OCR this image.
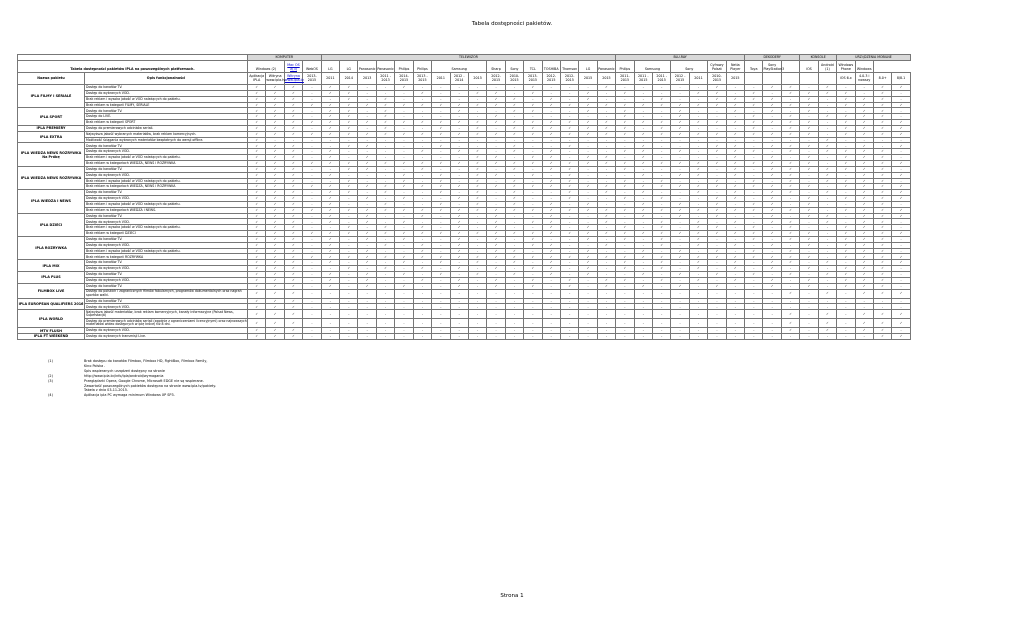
Tabela dostępności pakietów.
		KOMPUTER				TELEWIZOR																BLU-RAY							DEKODERY			KONSOLE		URZĄDZENIA MOBILNE			
Tabela dostępności pakietów IPLA na poszczególnych platformach.		Windows (2)		Mac OS X(3)	WebOS	LG	LG	Panasonic	Panasonic	Philips	Philips	Samsung			Sharp	Sony	TCL	TOSHIBA	Thomson	LG	Panasonic	Philips	Samsung		Sony		Cyfrowy Polsat	Netia Player	Toya	Sony PlayStation3		iOS	Android (1)	Windows Phone	Windows		
Nazwa pakietu	Opis funkcjonalności	Aplikacja IPLA	Witryna www.ipla.tv	Witryna www.ipla.tv	2013-2015	2011	2014	2013	2011 - 2013	2014- 2015	2013 - 2015	2011	2012 - 2014	2015	2012-2015	2010-2015	2013-2015	2012-2015	2012-2015	2015	2015	2011- 2015	2011 - 2015	2011 - 2015	2012 - 2015	2011	2010-2015	2015						iOS 6.x	4.0.3 i nowszy	8.0+	8/8.1
IPLA FILMY I SERIALE	Dostęp do kanałów TV.	✓	✓	✓	-	✓	✓	-	-	✓	-	-	-	-	-	-	✓	-	-	-	✓	-	-	-	-	-	✓	-	-	✓	✓	-	✓	-	-	✓	✓
	Dostęp do wybranych VOD.	✓	✓	✓	-	✓	✓	-	-	-	✓	-	-	✓	✓	-	✓	-	-	✓	-	✓	-	-	-	✓	✓	-	✓	-	✓	✓	✓	✓	-	✓	-
	Brak reklam i wysoka jakość w VOD należących do pakietu.	✓	✓	✓	-	-	✓	-	✓	-	-	-	-	-	✓	✓	-	✓	-	✓	-	-	-	✓	-	-	✓	✓	✓	✓	-	✓	-	✓	✓	✓	-
	Brak reklam w kategorii FILMY, SERIALE	✓	✓	✓	✓	✓	✓	✓	✓	✓	✓	✓	✓	✓	✓	✓	✓	✓	✓	✓	✓	✓	✓	✓	✓	✓	✓	✓	✓	✓	✓	✓	-	✓	✓	✓	✓
IPLA SPORT	Dostęp do kanałów TV.	✓	✓	✓	-	✓	✓	-	✓	-	-	-	✓	-	-	✓	✓	-	-	✓	-	✓	-	-	✓	-	-	✓	-	✓	-	✓	-	-	✓	✓	-
	Dostęp do LIVE.	✓	✓	✓	-	✓	✓	-	✓	-	-	-	-	-	✓	-	-	-	-	-	-	✓	-	-	✓	-	-	-	✓	-	✓	-	✓	✓	✓	✓	-
	Brak reklam w kategorii SPORT	✓	✓	✓	✓	✓	✓	✓	✓	✓	✓	✓	✓	✓	✓	✓	✓	✓	✓	✓	✓	✓	✓	✓	✓	✓	✓	✓	✓	✓	✓	✓	-	✓	✓	✓	✓
IPLA PREMIERY	Dostęp do premierowych odcinków seriali.	✓	✓	✓	-	✓	✓	-	✓	-	-	✓	-	✓	-	✓	✓	✓	✓	✓	✓	✓	-	✓	✓	-	-	-	✓	-	✓	✓	-	✓	✓	✓	✓
IPLA EXTRA	Najwyższa jakość wybranych materiałów, brak reklam komercyjnych.	✓	✓	✓	✓	✓	✓	✓	✓	✓	✓	✓	✓	✓	✓	✓	✓	✓	✓	✓	✓	✓	✓	✓	✓	✓	✓	✓	✓	✓	✓	✓	-	✓	✓	✓	✓
	Możliwość ściągania wybranych materiałów bezpłatnych do wersji offline.	✓	-	-	-	-	-	-	-	-	-	-	-	-	-	-	-	-	-	-	-	-	-	-	-	-	-	-	-	-	-	-	✓	-	-	-	-
IPLA WIEDZA NEWS ROZRYWKA Na Próbę	Dostęp do kanałów TV.	✓	✓	✓	-	-	✓	✓	-	-	-	✓	-	-	-	✓	-	-	✓	-	-	-	✓	-	-	-	✓	✓	-	✓	✓	✓	✓	-	✓	-	✓
	Dostęp do wybranych VOD.	✓	✓	✓	-	✓	-	-	-	-	✓	-	✓	✓	-	✓	-	✓	-	-	-	✓	✓	-	✓	-	✓	✓	✓	-	✓	-	✓	✓	✓	✓	-
	Brak reklam i wysoka jakość w VOD należących do pakietu.	✓	✓	✓	-	✓	-	✓	-	-	-	-	-	✓	✓	-	✓	✓	-	✓	✓	-	✓	-	-	-	-	✓	-	✓	-	✓	-	✓	✓	✓	-
	Brak reklam w kategoriach WIEDZA, NEWS i ROZRYWKA	✓	✓	✓	✓	✓	✓	✓	✓	✓	✓	✓	✓	✓	✓	✓	✓	✓	✓	✓	✓	✓	✓	✓	✓	✓	✓	✓	✓	✓	✓	✓	-	✓	✓	✓	✓
IPLA WIEDZA NEWS ROZRYWKA	Dostęp do kanałów TV.	✓	✓	✓	-	-	✓	✓	-	-	✓	-	-	✓	-	✓	-	✓	✓	-	-	✓	-	-	-	✓	-	✓	-	✓	✓	✓	✓	✓	✓	✓	-
	Dostęp do wybranych VOD.	✓	✓	✓	-	✓	-	-	-	✓	-	✓	-	✓	✓	-	✓	-	✓	-	-	-	✓	-	✓	✓	-	✓	-	✓	✓	-	✓	-	✓	✓	✓
	Brak reklam i wysoka jakość w VOD należących do pakietu.	✓	✓	✓	-	-	✓	-	-	✓	-	✓	-	✓	-	✓	-	✓	✓	-	-	✓	-	✓	-	-	✓	-	✓	-	✓	-	✓	✓	✓	✓	-
	Brak reklam w kategoriach WIEDZA, NEWS i ROZRYWKA	✓	✓	✓	✓	✓	✓	✓	✓	✓	✓	✓	✓	✓	✓	✓	✓	✓	✓	✓	✓	✓	✓	✓	✓	✓	✓	✓	✓	✓	✓	✓	-	✓	✓	✓	✓
IPLA WIEDZA I NEWS	Dostęp do kanałów TV.	✓	✓	✓	-	✓	✓	-	✓	-	-	✓	-	✓	-	✓	-	-	✓	-	✓	-	✓	-	-	✓	-	✓	-	✓	✓	-	✓	-	✓	✓	✓
	Dostęp do wybranych VOD.	✓	✓	✓	-	✓	-	✓	-	✓	-	-	✓	✓	-	✓	-	-	✓	-	-	✓	-	✓	-	-	✓	✓	-	✓	-	✓	-	✓	✓	✓	✓
	Brak reklam i wysoka jakość w VOD należących do pakietu.	✓	✓	✓	-	✓	-	-	✓	-	-	✓	-	✓	-	✓	-	✓	-	✓	-	-	✓	-	✓	-	✓	-	✓	✓	-	✓	-	-	✓	✓	-
	Brak reklam w kategoriach WIEDZA i NEWS.	✓	✓	✓	✓	✓	✓	✓	✓	✓	✓	✓	✓	✓	✓	✓	✓	✓	✓	✓	✓	✓	✓	✓	✓	✓	✓	✓	✓	✓	✓	✓	-	✓	✓	✓	✓
IPLA DZIECI	Dostęp do kanałów TV.	✓	✓	✓	-	✓	-	✓	-	-	✓	-	✓	-	✓	-	-	✓	-	-	✓	-	✓	-	✓	-	✓	-	-	✓	-	✓	✓	-	✓	✓	✓
	Dostęp do wybranych VOD.	✓	✓	✓	-	✓	-	✓	-	✓	-	-	✓	-	✓	-	✓	✓	-	-	✓	-	-	✓	-	✓	-	✓	-	✓	✓	-	✓	-	✓	✓	-
	Brak reklam i wysoka jakość w VOD należących do pakietu.	✓	✓	✓	-	-	✓	-	✓	-	✓	-	✓	-	✓	-	-	✓	-	✓	-	✓	-	✓	-	✓	✓	-	✓	-	✓	-	-	✓	✓	✓	-
	Brak reklam w kategorii DZIECI	✓	✓	✓	✓	✓	✓	✓	✓	✓	✓	✓	✓	✓	✓	✓	✓	✓	✓	✓	✓	✓	✓	✓	✓	✓	✓	✓	✓	✓	✓	✓	-	✓	✓	✓	✓
IPLA ROZRYWKA	Dostęp do kanałów TV.	✓	✓	✓	-	✓	-	✓	-	✓	-	-	✓	-	✓	-	✓	-	-	✓	-	✓	-	✓	-	✓	-	-	✓	-	✓	✓	-	✓	✓	✓	-
	Dostęp do wybranych VOD.	✓	✓	✓	-	✓	-	-	✓	-	✓	-	✓	-	✓	-	✓	✓	-	-	✓	-	-	✓	-	✓	-	✓	-	✓	-	✓	-	✓	✓	✓	-
	Brak reklam i wysoka jakość w VOD należących do pakietu.	✓	✓	✓	-	✓	-	✓	-	-	✓	-	✓	-	✓	✓	-	✓	-	✓	-	-	✓	-	✓	-	✓	-	✓	-	✓	-	-	✓	✓	✓	-
	Brak reklam w kategorii ROZRYWKA	✓	✓	✓	✓	✓	✓	✓	✓	✓	✓	✓	✓	✓	✓	✓	✓	✓	✓	✓	✓	✓	✓	✓	✓	✓	✓	✓	✓	✓	✓	✓	-	✓	✓	✓	✓
IPLA MIX	Dostęp do kanałów TV.	✓	✓	✓	-	✓	-	✓	-	✓	-	✓	-	✓	-	✓	-	✓	-	✓	-	✓	-	✓	-	✓	-	✓	-	✓	✓	-	✓	-	✓	✓	✓
	Dostęp do wybranych VOD.	✓	✓	✓	-	-	✓	-	✓	-	✓	-	✓	-	✓	-	✓	✓	-	✓	-	✓	-	✓	-	✓	-	✓	-	✓	-	✓	-	✓	✓	✓	-
IPLA PLUS	Dostęp do kanałów TV.	✓	✓	✓	-	✓	-	✓	-	✓	-	✓	-	✓	-	✓	-	✓	-	✓	-	-	✓	-	✓	-	✓	-	✓	-	✓	-	✓	✓	✓	✓	-
	Dostęp do wybranych VOD.	✓	✓	✓	-	✓	-	✓	-	-	✓	-	✓	-	✓	-	✓	-	✓	-	✓	✓	-	✓	-	✓	-	✓	-	✓	-	✓	-	✓	✓	✓	-
FILMBOX LIVE	Dostęp do kanałów TV.	✓	✓	✓	-	✓	-	✓	-	✓	-	-	✓	-	✓	-	✓	-	✓	-	✓	-	✓	-	✓	-	✓	-	-	✓	-	✓	-	✓	✓	✓	-
	Dostęp do polskich i zagranicznych filmów fabularnych, programów dokumentalnych oraz nagrań sportów walki.	✓	✓	✓	-	-	-	-	-	-	-	-	-	-	-	-	-	-	-	-	-	-	-	-	-	-	-	-	-	-	✓	-	✓	-	✓	✓	✓
IPLA EUROPEAN QUALIFIERS 2016	Dostęp do kanałów TV.	✓	✓	✓	-	-	-	-	-	-	-	-	-	-	-	-	-	-	-	-	-	-	-	-	-	-	-	-	-	-	-	-	-	-	-	-	-
	Dostęp do wybranych VOD.	✓	✓	✓	-	-	-	-	-	-	-	-	-	-	-	-	-	-	-	-	-	-	-	-	-	-	-	-	-	-	-	-	-	-	-	-	-
IPLA WORLD	Najwyższa jakość materiałów, brak reklam komercyjnych, kanały informacyjne (Polsat News, Superstacja)	✓	✓	✓	-	-	-	-	-	-	-	-	-	-	-	-	-	-	-	-	-	-	-	-	-	-	-	-	-	-	✓	-	✓	-	✓	✓	✓
	Dostęp do premierowych odcinków seriali (zgodnie z ograniczeniami licencyjnymi) oraz najnowszych materiałów wideo dostępnych w iplę krócej niż 8 dni.	✓	✓	✓	-	-	-	-	-	-	-	-	-	-	-	-	-	-	-	-	-	-	-	-	-	-	-	-	-	-	✓	-	✓	-	✓	✓	✓
MTV FLUSH	Dostęp do wybranych VOD.	✓	✓	✓	-	-	-	-	-	-	-	-	-	-	-	-	-	-	-	-	-	-	-	-	-	-	-	-	-	-	✓	-	✓	-	✓	✓	-
IPLA FT WEEKEND	Dostęp do wybranych transmisji Live.	✓	✓	✓	-	-	-	-	-	-	-	-	-	-	-	-	-	-	-	-	-	-	-	-	-	-	-	-	-	-	-	-	-	-	-	✓	✓
(1)	Brak dostępu do kanałów Filmbox, Filmbox HD, FightBox, Filmbox Family,
Kino Polska .
Spis wspieranych urządzeń dostępny na stronie
(2)	http://www.ipla.tv/info/ipla/android/wymagania
(3)	Przeglądarki Opera, Google Chrome, Microsoft EDGE nie są wspierane.
Zawartość poszczególnych pakietów dostępna na stronie www.ipla.tv/pakiety.
Tabela z dnia 03-11-2015.
(4)	Aplikacja ipla PC wymaga minimum Windows XP SP3.
Strona 1
